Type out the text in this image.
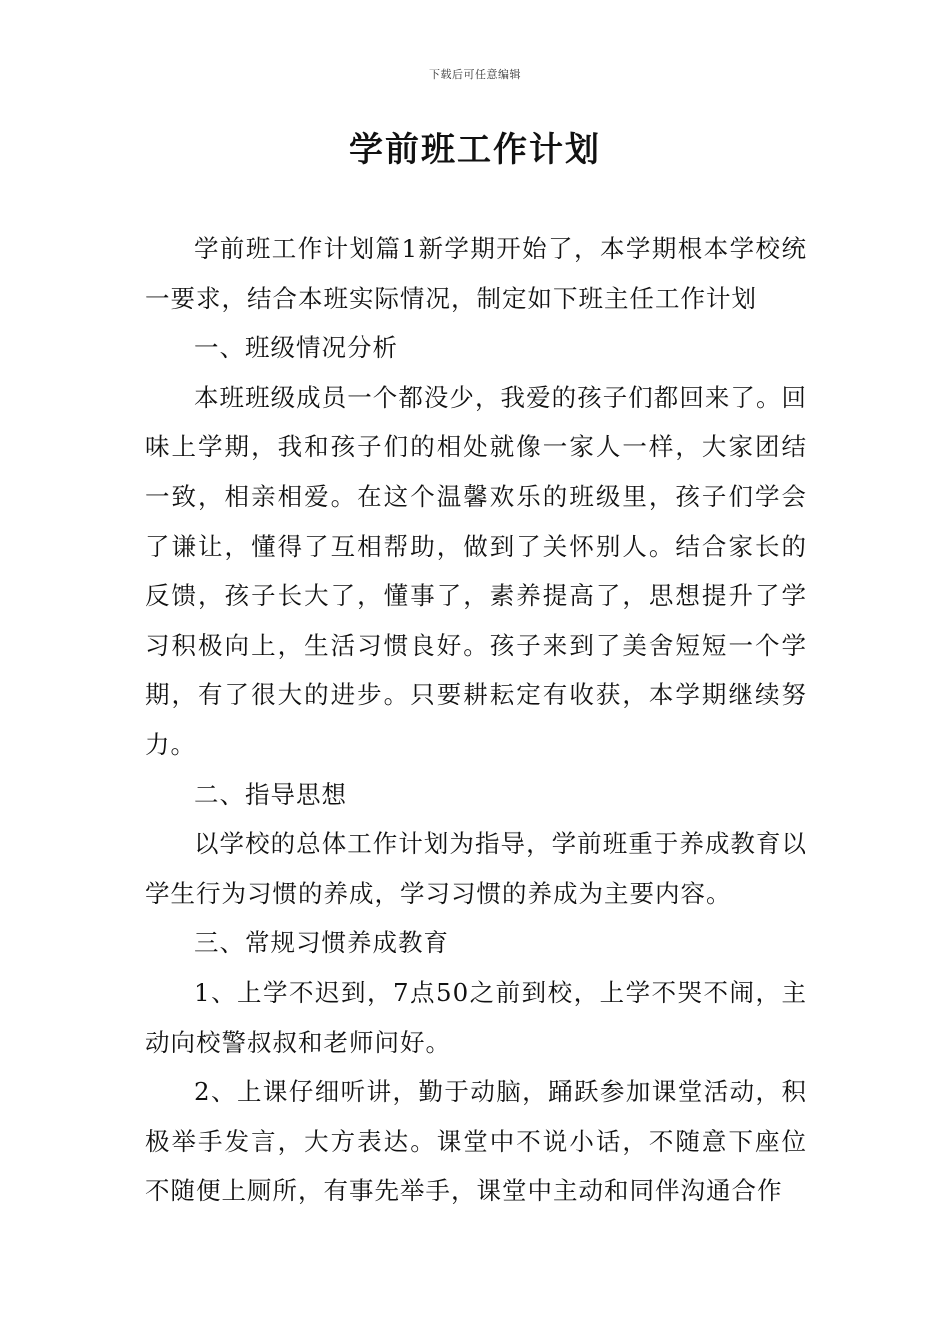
下载后可任意编辑
学前班工作计划

学前班工作计划篇1新学期开始了，本学期根本学校统一要求，结合本班实际情况，制定如下班主任工作计划

一、班级情况分析

本班班级成员一个都没少，我爱的孩子们都回来了。回味上学期，我和孩子们的相处就像一家人一样，大家团结一致，相亲相爱。在这个温馨欢乐的班级里，孩子们学会了谦让，懂得了互相帮助，做到了关怀别人。结合家长的反馈，孩子长大了，懂事了，素养提高了，思想提升了学习积极向上，生活习惯良好。孩子来到了美舍短短一个学期，有了很大的进步。只要耕耘定有收获，本学期继续努力。

二、指导思想

以学校的总体工作计划为指导，学前班重于养成教育以学生行为习惯的养成，学习习惯的养成为主要内容。

三、常规习惯养成教育

1、上学不迟到，7点50之前到校，上学不哭不闹，主动向校警叔叔和老师问好。

2、上课仔细听讲，勤于动脑，踊跃参加课堂活动，积极举手发言，大方表达。课堂中不说小话，不随意下座位不随便上厕所，有事先举手，课堂中主动和同伴沟通合作
